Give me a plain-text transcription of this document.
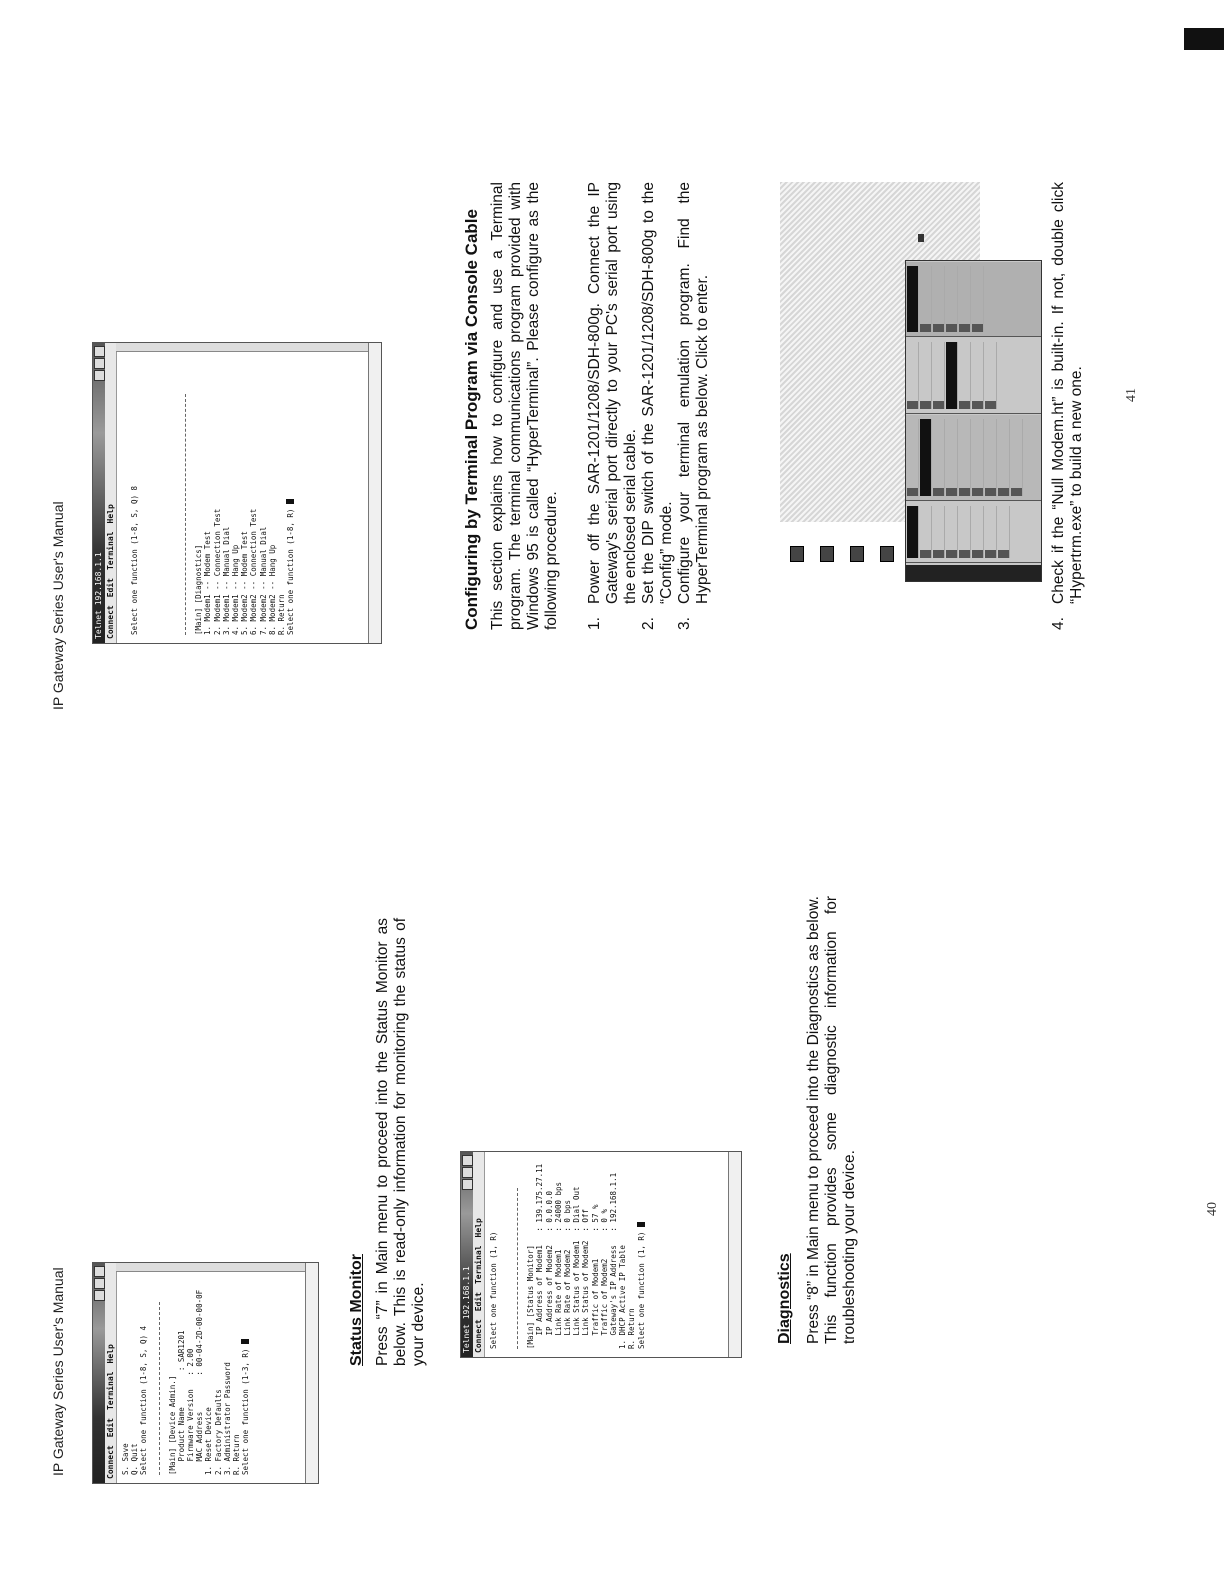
IP Gateway Series User's Manual	ConnectEditTerminalHelp
S. Save Q. Quit Select one function (1-8, S, Q) 4	[Main] [Device Admin.] Product Name        : SAR1201 Firmware Version   : 2.00 MAC Address        : 00-04-2D-00-00-0F 1. Reset Device 2. Factory Defaults 3. Administrator Password R. Return Select one function (1-3, R)
Status Monitor Press “7” in Main menu to proceed into the Status Monitor as below. This is read-only information for monitoring the status of your device.	Telnet 192.168.1.1 ConnectEditTerminalHelp
Select one function (1, R)	[Main] [Status Monitor] IP Address of Modem1   : 139.175.27.11 IP Address of Modem2   : 0.0.0.0 Link Rate of Modem1    : 24000 bps Link Rate of Modem2    : 0 bps Link Status of Modem1  : Dial Out Link Status of Modem2  : Off Traffic of Modem1      : 57 % Traffic of Modem2      : 0 % Gateway's IP Address   : 192.168.1.1 1. DHCP Active IP Table R. Return Select one function (1, R)	Diagnostics Press “8” in Main menu to proceed into the Diagnostics as below. This function provides some diagnostic information for troubleshooting your device.	40
IP Gateway Series User's Manual	Telnet 192.168.1.1 ConnectEditTerminalHelp Select one function (1-8, S, Q) 8	[Main] [Diagnostics] 1. Modem1 -- Modem Test 2. Modem1 -- Connection Test 3. Modem1 -- Manual Dial 4. Modem1 -- Hang Up 5. Modem2 -- Modem Test 6. Modem2 -- Connection Test 7. Modem2 -- Manual Dial 8. Modem2 -- Hang Up R. Return Select one function (1-8, R)	Configuring by Terminal Program via Console Cable This section explains how to configure and use a Terminal program. The terminal communications program provided with Windows 95 is called “HyperTerminal”. Please configure as the following procedure. 1.
Power off the SAR-1201/1208/SDH-800g. Connect the IP Gateway's serial port directly to your PC's serial port using the enclosed serial cable.
2.
Set the DIP switch of the SAR-1201/1208/SDH-800g to the “Config” mode.
3.
Configure your terminal emulation program. Find the HyperTerminal program as below. Click to enter.
4.
Check if the “Null Modem.ht” is built-in. If not, double click “Hypertrm.exe” to build a new one.	41
